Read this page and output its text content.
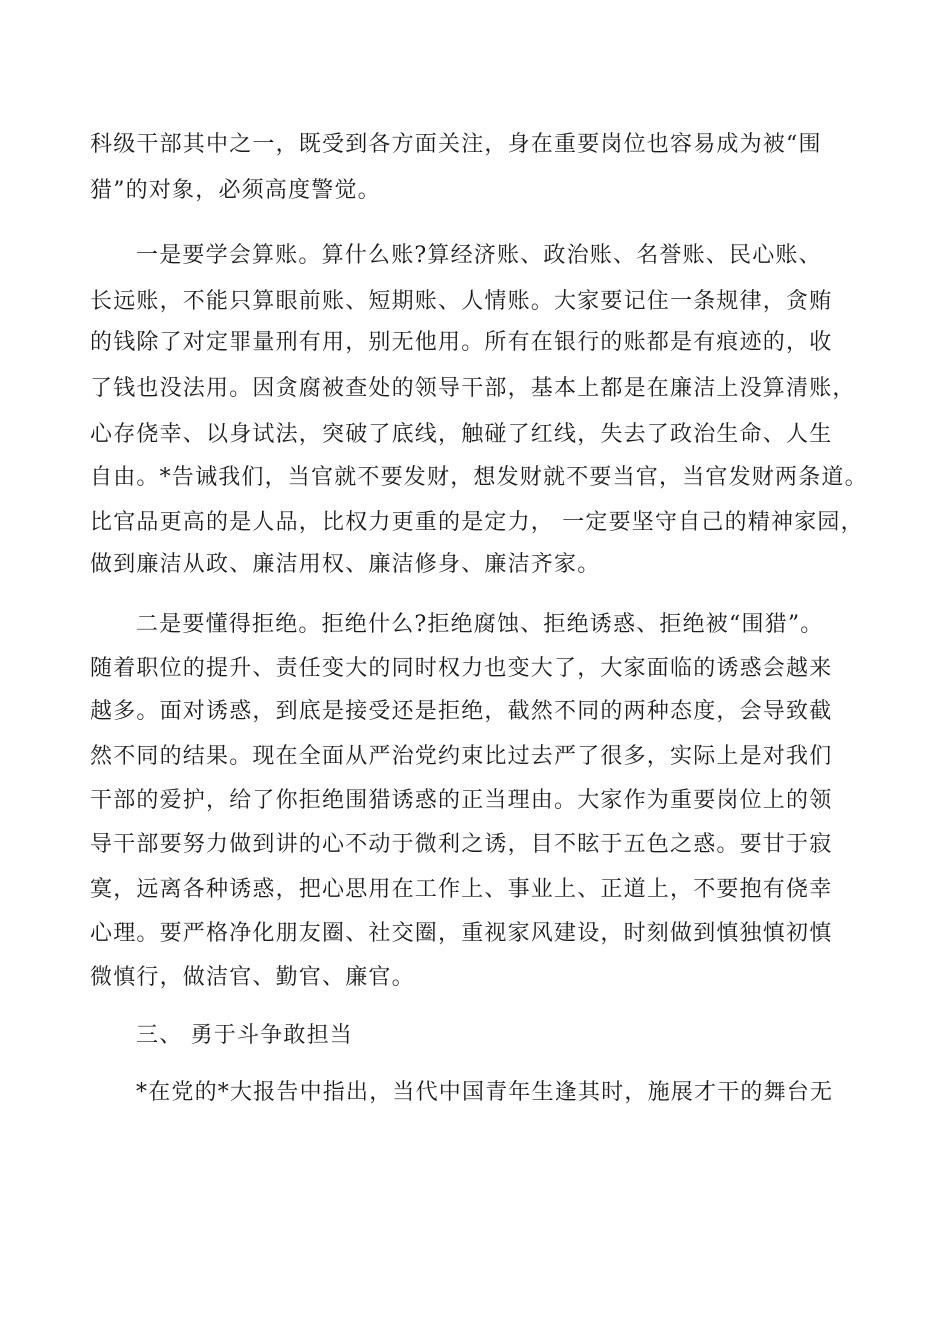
科级干部其中之一，既受到各方面关注，身在重要岗位也容易成为被“围
猎”的对象，必须高度警觉。
一是要学会算账。算什么账?算经济账、政治账、名誉账、民心账、
长远账，不能只算眼前账、短期账、人情账。大家要记住一条规律，贪贿
的钱除了对定罪量刑有用，别无他用。所有在银行的账都是有痕迹的，收
了钱也没法用。因贪腐被查处的领导干部，基本上都是在廉洁上没算清账，
心存侥幸、以身试法，突破了底线，触碰了红线，失去了政治生命、人生
自由。*告诫我们，当官就不要发财，想发财就不要当官，当官发财两条道。
比官品更高的是人品，比权力更重的是定力， 一定要坚守自己的精神家园，
做到廉洁从政、廉洁用权、廉洁修身、廉洁齐家。
二是要懂得拒绝。拒绝什么?拒绝腐蚀、拒绝诱惑、拒绝被“围猎”。
随着职位的提升、责任变大的同时权力也变大了，大家面临的诱惑会越来
越多。面对诱惑，到底是接受还是拒绝，截然不同的两种态度，会导致截
然不同的结果。现在全面从严治党约束比过去严了很多，实际上是对我们
干部的爱护，给了你拒绝围猎诱惑的正当理由。大家作为重要岗位上的领
导干部要努力做到讲的心不动于微利之诱，目不眩于五色之惑。要甘于寂
寞，远离各种诱惑，把心思用在工作上、事业上、正道上，不要抱有侥幸
心理。要严格净化朋友圈、社交圈，重视家风建设，时刻做到慎独慎初慎
微慎行，做洁官、勤官、廉官。
三、 勇于斗争敢担当
*在党的*大报告中指出，当代中国青年生逢其时，施展才干的舞台无
